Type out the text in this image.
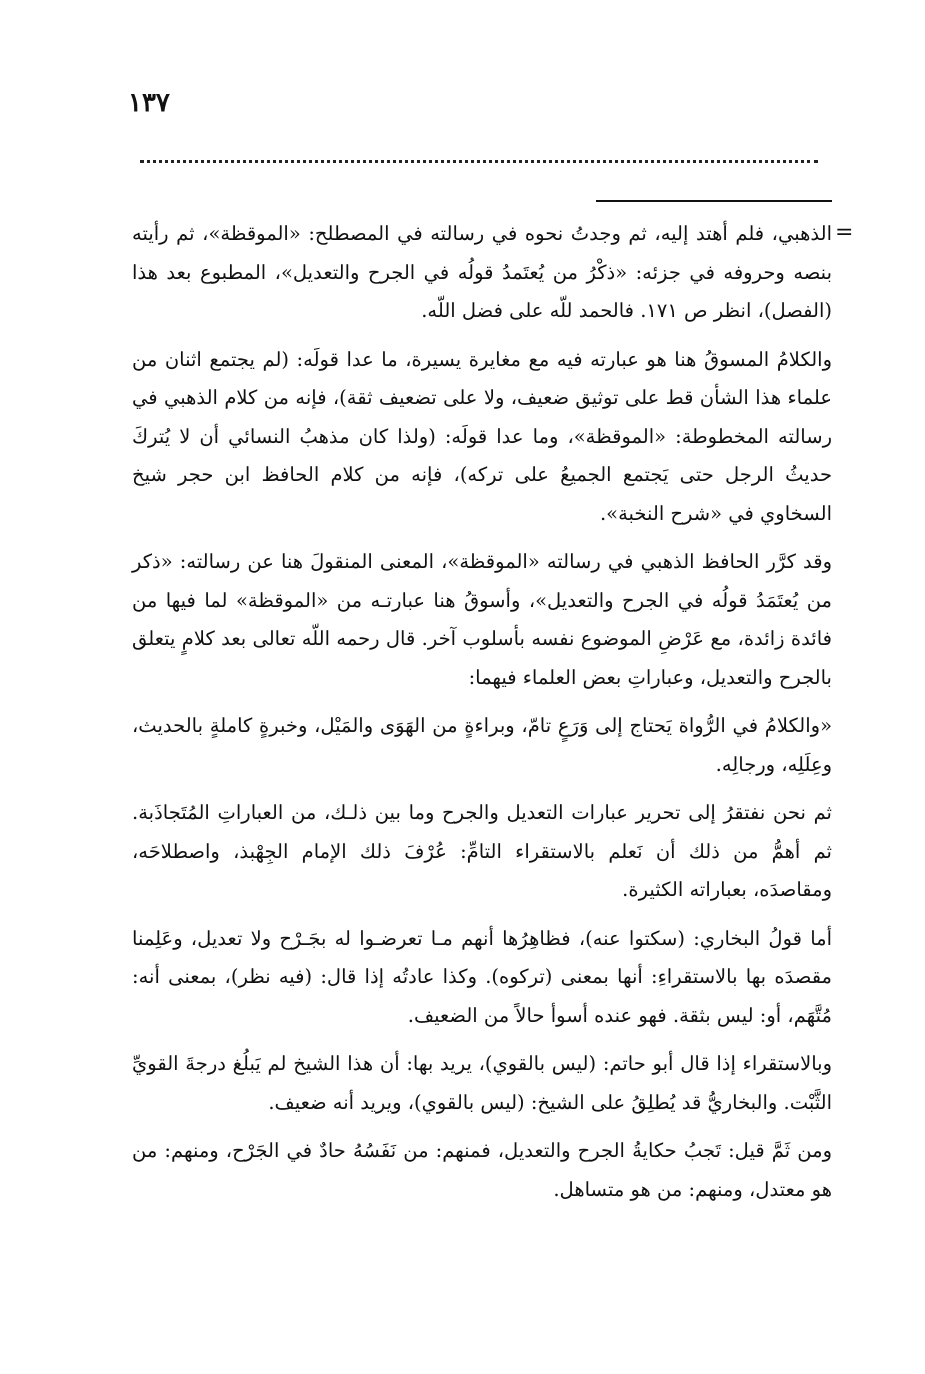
١٣٧
=

الذهبي، فلم أهتد إليه، ثم وجدتُ نحوه في رسالته في المصطلح: «الموقظة»، ثم رأيته بنصه وحروفه في جزئه: «ذكْرُ من يُعتَمدُ قولُه في الجرح والتعديل»، المطبوع بعد هذا (الفصل)، انظر ص ١٧١. فالحمد للّه على فضل اللّه.

والكلامُ المسوقُ هنا هو عبارته فيه مع مغايرة يسيرة، ما عدا قولَه: (لم يجتمع اثنان من علماء هذا الشأن قط على توثيق ضعيف، ولا على تضعيف ثقة)، فإنه من كلام الذهبي في رسالته المخطوطة: «الموقظة»، وما عدا قولَه: (ولذا كان مذهبُ النسائي أن لا يُتركَ حديثُ الرجل حتى يَجتمع الجميعُ على تركه)، فإنه من كلام الحافظ ابن حجر شيخ السخاوي في «شرح النخبة».

وقد كرَّر الحافظ الذهبي في رسالته «الموقظة»، المعنى المنقولَ هنا عن رسالته: «ذكر من يُعتَمَدُ قولُه في الجرح والتعديل»، وأسوقُ هنا عبارتـه من «الموقظة» لما فيها من فائدة زائدة، مع عَرْضِ الموضوع نفسه بأسلوب آخر. قال رحمه اللّه تعالى بعد كلامٍ يتعلق بالجرح والتعديل، وعباراتِ بعض العلماء فيهما:

«والكلامُ في الرُّواة يَحتاج إلى وَرَعٍ تامّ، وبراءةٍ من الهَوَى والمَيْل، وخبرةٍ كاملةٍ بالحديث، وعِلَلِه، ورجالِه.

ثم نحن نفتقرُ إلى تحرير عبارات التعديل والجرح وما بين ذلـك، من العباراتِ المُتَجاذَبة. ثم أهمُّ من ذلك أن نَعلم بالاستقراء التامِّ: عُرْفَ ذلك الإمام الجِهْبذ، واصطلاحَه، ومقاصدَه، بعباراته الكثيرة.

أما قولُ البخاري: (سكتوا عنه)، فظاهِرُها أنهم مـا تعرضـوا له بجَـرْح ولا تعديل، وعَلِمنا مقصدَه بها بالاستقراءِ: أنها بمعنى (تركوه). وكذا عادتُه إذا قال: (فيه نظر)، بمعنى أنه: مُتَّهَم، أو: ليس بثقة. فهو عنده أسوأ حالاً من الضعيف.

وبالاستقراء إذا قال أبو حاتم: (ليس بالقوي)، يريد بها: أن هذا الشيخ لم يَبلُغ درجةَ القويِّ الثَّبْت. والبخاريُّ قد يُطلِقُ على الشيخ: (ليس بالقوي)، ويريد أنه ضعيف.

ومن ثَمَّ قيل: تَجبُ حكايةُ الجرح والتعديل، فمنهم: من نَفَسُهُ حادٌ في الجَرْح، ومنهم: من هو معتدل، ومنهم: من هو متساهل.
